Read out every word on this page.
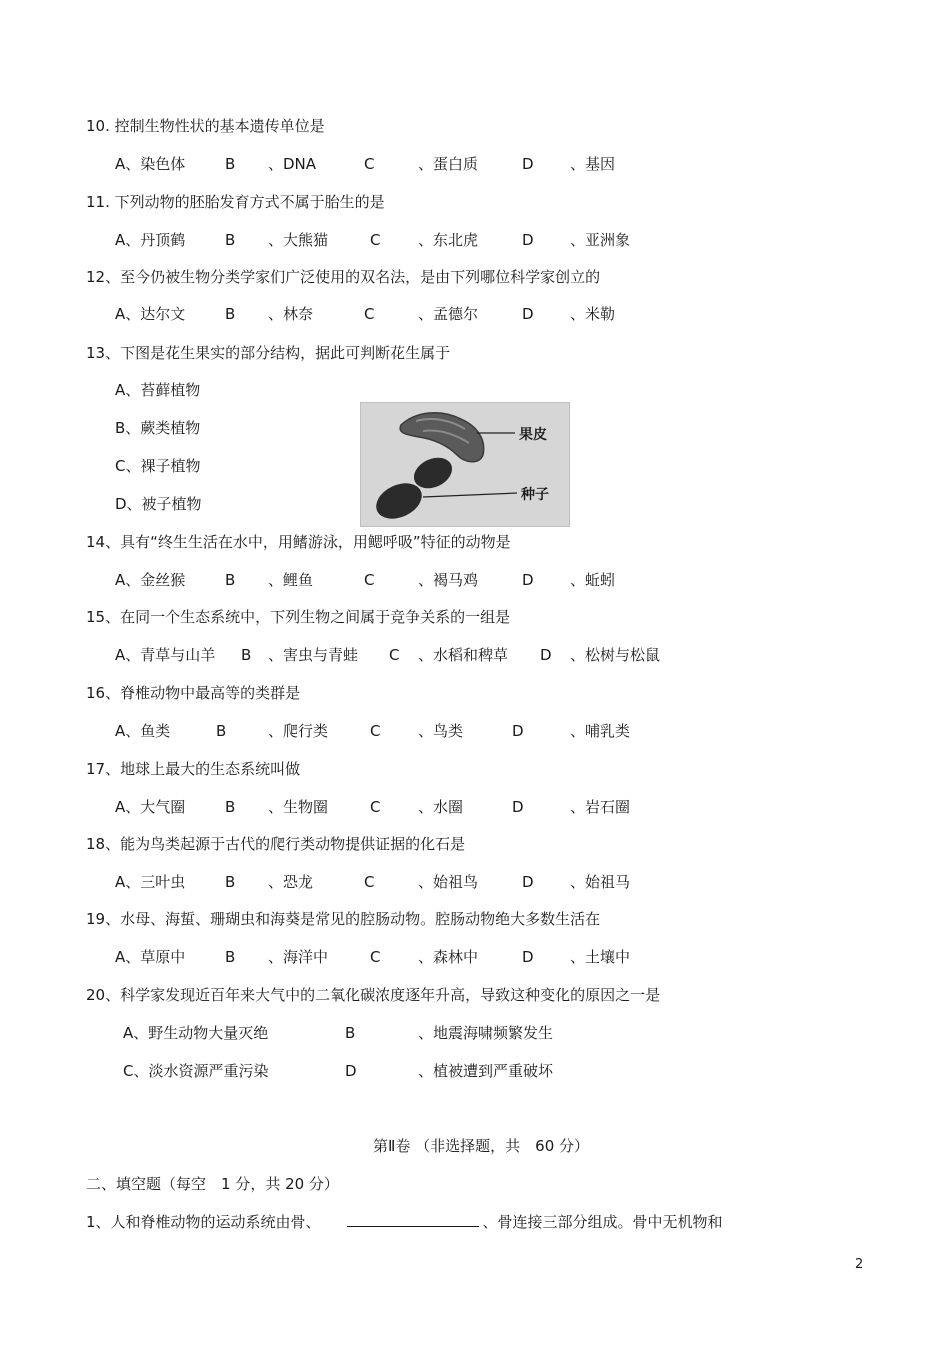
10. 控制生物性状的基本遗传单位是
A、染色体	B 、DNA	C	、蛋白质	D 、基因
11. 下列动物的胚胎发育方式不属于胎生的是
A、丹顶鹤	B 、大熊猫	C	、东北虎	D 、亚洲象
12、至今仍被生物分类学家们广泛使用的双名法，是由下列哪位科学家创立的
A、达尔文	B 、林奈	C	、孟德尔	D 、米勒
13、下图是花生果实的部分结构，据此可判断花生属于
A、苔藓植物
B、蕨类植物
C、裸子植物
D、被子植物
果皮
种子
14、具有“终生生活在水中，用鳍游泳，用鳃呼吸”特征的动物是
A、金丝猴	B 、鲤鱼	C	、褐马鸡	D 、蚯蚓
15、在同一个生态系统中，下列生物之间属于竞争关系的一组是
A、青草与山羊 B 、害虫与青蛙 C 、水稻和稗草 D 、松树与松鼠
16、脊椎动物中最高等的类群是
A、鱼类	B	、爬行类	C	、鸟类	D	、哺乳类
17、地球上最大的生态系统叫做
A、大气圈	B 、生物圈	C	、水圈	D	、岩石圈
18、能为鸟类起源于古代的爬行类动物提供证据的化石是
A、三叶虫	B 、恐龙	C	、始祖鸟	D 、始祖马
19、水母、海蜇、珊瑚虫和海葵是常见的腔肠动物。腔肠动物绝大多数生活在
A、草原中	B 、海洋中	C	、森林中	D 、土壤中
20、科学家发现近百年来大气中的二氧化碳浓度逐年升高，导致这种变化的原因之一是
A、野生动物大量灭绝	B	、地震海啸频繁发生
C、淡水资源严重污染	D	、植被遭到严重破坏
第Ⅱ卷 （非选择题，共　60 分）
二、填空题（每空　1 分，共 20 分）
1、人和脊椎动物的运动系统由骨、	、骨连接三部分组成。骨中无机物和
2
